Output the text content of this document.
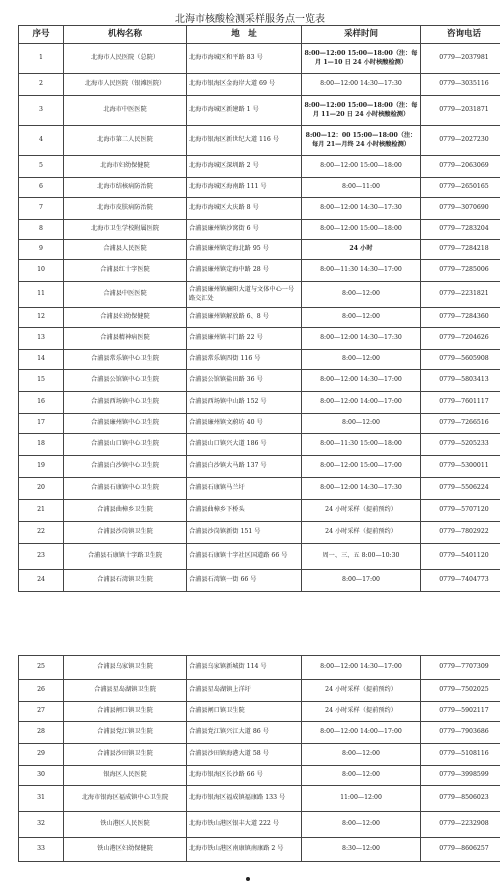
北海市核酸检测采样服务点一览表
序号	机构名称	地　址	采样时间	咨询电话
1	北海市人民医院（总院）	北海市海城区和平路 83 号	8:00—12:00 15:00—18:00（注：每月 1—10 日 24 小时核酸检测）	0779—2037981
2	北海市人民医院（银滩医院）	北海市银海区金海岸大道 69 号	8:00—12:00 14:30—17:30	0779—3035116
3	北海市中医医院	北海市海城区新建路 1 号	8:00—12:00 15:00—18:00（注：每月 11—20 日 24 小时核酸检测）	0779—2031871
4	北海市第二人民医院	北海市银海区新世纪大道 116 号	8:00—12：00 15:00—18:00（注：每月 21—月终 24 小时核酸检测）	0779—2027230
5	北海市妇幼保健院	北海市海城区深圳路 2 号	8:00—12:00 15:00—18:00	0779—2063069
6	北海市结核病防治院	北海市海城区海南路 111 号	8:00—11:00	0779—2650165
7	北海市皮肤病防治院	北海市海城区大庆路 8 号	8:00—12:00 14:30—17:30	0779—3070690
8	北海市卫生学校附属医院	合浦县廉州镇沙窝街 6 号	8:00—12:00 15:00—18:00	0779—7283204
9	合浦县人民医院	合浦县廉州镇定海北路 95 号	24 小时	0779—7284218
10	合浦县红十字医院	合浦县廉州镇定海中路 28 号	8:00—11:30 14:30—17:00	0779—7285006
11	合浦县中医医院	合浦县廉州镇廉阳大道与文体中心一号路交汇处	8:00—12:00	0779—2231821
12	合浦县妇幼保健院	合浦县廉州镇解放路 6、8 号	8:00—12:00	0779—7284360
13	合浦县精神病医院	合浦县廉州镇丰门路 22 号	8:00—12:00 14:30—17:30	0779—7204626
14	合浦县常乐镇中心卫生院	合浦县常乐镇四街 116 号	8:00—12:00	0779—5605908
15	合浦县公馆镇中心卫生院	合浦县公馆镇盐田路 36 号	8:00—12:00 14:30—17:00	0779—5803413
16	合浦县西场镇中心卫生院	合浦县西场镇中山路 152 号	8:00—12:00 14:00—17:00	0779—7601117
17	合浦县廉州镇中心卫生院	合浦县廉州镇文蔚坊 40 号	8:00—12:00	0779—7266516
18	合浦县山口镇中心卫生院	合浦县山口镇兴大道 186 号	8:00—11:30 15:00—18:00	0779—5205233
19	合浦县白沙镇中心卫生院	合浦县白沙镇大马路 137 号	8:00—12:00 15:00—17:00	0779—5300011
20	合浦县石康镇中心卫生院	合浦县石康镇马兰圩	8:00—12:00 14:30—17:30	0779—5506224
21	合浦县曲樟乡卫生院	合浦县曲樟乡下桥头	24 小时采样（提前预约）	0779—5707120
22	合浦县沙岗镇卫生院	合浦县沙岗镇新街 151 号	24 小时采样（提前预约）	0779—7802922
23	合浦县石康镇十字路卫生院	合浦县石康镇十字社区国道路 66 号	周一、三、五 8:00—10:30	0779—5401120
24	合浦县石湾镇卫生院	合浦县石湾镇一街 66 号	8:00—17:00	0779—7404773
25	合浦县乌家镇卫生院	合浦县乌家镇新城街 114 号	8:00—12:00 14:30—17:00	0779—7707309
26	合浦县星岛湖镇卫生院	合浦县星岛湖镇上洋圩	24 小时采样（提前预约）	0779—7502025
27	合浦县闸口镇卫生院	合浦县闸口镇卫生院	24 小时采样（提前预约）	0779—5902117
28	合浦县党江镇卫生院	合浦县党江镇兴江大道 86 号	8:00—12:00 14:00—17:00	0779—7903686
29	合浦县沙田镇卫生院	合浦县沙田镇海港大道 58 号	8:00—12:00	0779—5108116
30	银海区人民医院	北海市银海区长沙路 66 号	8:00—12:00	0779—3998599
31	北海市银海区福成镇中心卫生院	北海市银海区福成镇福康路 133 号	11:00—12:00	0779—8506023
32	铁山港区人民医院	北海市铁山港区银丰大道 222 号	8:00—12:00	0779—2232908
33	铁山港区妇幼保健院	北海市铁山港区南康镇南康路 2 号	8:30—12:00	0779—8606257
